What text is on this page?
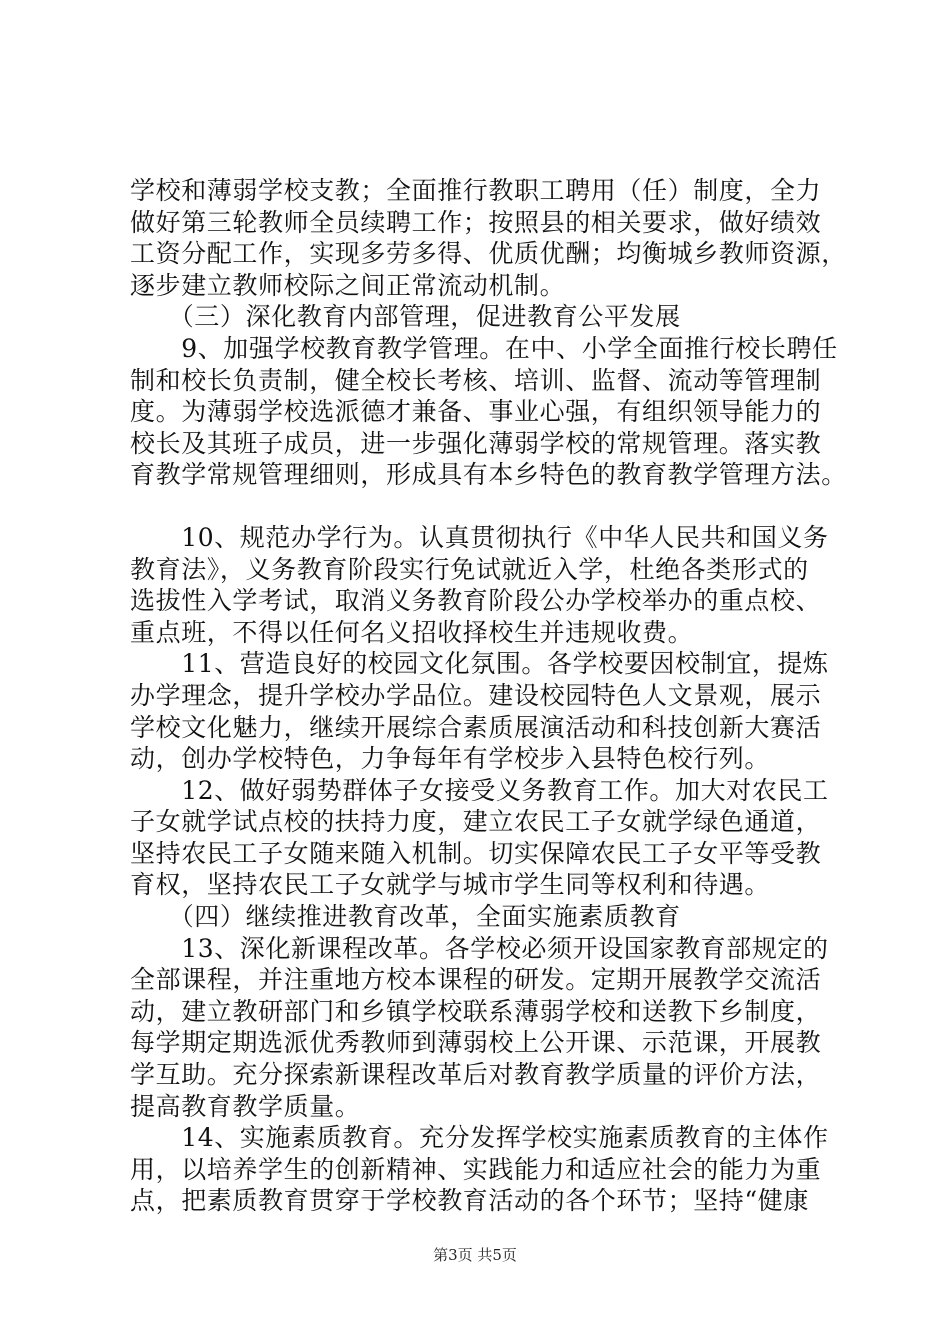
学校和薄弱学校支教；全面推行教职工聘用（任）制度，全力
做好第三轮教师全员续聘工作；按照县的相关要求，做好绩效
工资分配工作，实现多劳多得、优质优酬；均衡城乡教师资源，
逐步建立教师校际之间正常流动机制。
　　（三）深化教育内部管理，促进教育公平发展
　　9、加强学校教育教学管理。在中、小学全面推行校长聘任
制和校长负责制，健全校长考核、培训、监督、流动等管理制
度。为薄弱学校选派德才兼备、事业心强，有组织领导能力的
校长及其班子成员，进一步强化薄弱学校的常规管理。落实教
育教学常规管理细则，形成具有本乡特色的教育教学管理方法。
　　10、规范办学行为。认真贯彻执行《中华人民共和国义务
教育法》，义务教育阶段实行免试就近入学，杜绝各类形式的
选拔性入学考试，取消义务教育阶段公办学校举办的重点校、
重点班，不得以任何名义招收择校生并违规收费。
　　11、营造良好的校园文化氛围。各学校要因校制宜，提炼
办学理念，提升学校办学品位。建设校园特色人文景观，展示
学校文化魅力，继续开展综合素质展演活动和科技创新大赛活
动，创办学校特色，力争每年有学校步入县特色校行列。
　　12、做好弱势群体子女接受义务教育工作。加大对农民工
子女就学试点校的扶持力度，建立农民工子女就学绿色通道，
坚持农民工子女随来随入机制。切实保障农民工子女平等受教
育权，坚持农民工子女就学与城市学生同等权利和待遇。
　　（四）继续推进教育改革，全面实施素质教育
　　13、深化新课程改革。各学校必须开设国家教育部规定的
全部课程，并注重地方校本课程的研发。定期开展教学交流活
动，建立教研部门和乡镇学校联系薄弱学校和送教下乡制度，
每学期定期选派优秀教师到薄弱校上公开课、示范课，开展教
学互助。充分探索新课程改革后对教育教学质量的评价方法，
提高教育教学质量。
　　14、实施素质教育。充分发挥学校实施素质教育的主体作
用，以培养学生的创新精神、实践能力和适应社会的能力为重
点，把素质教育贯穿于学校教育活动的各个环节；坚持“健康
第3页 共5页
